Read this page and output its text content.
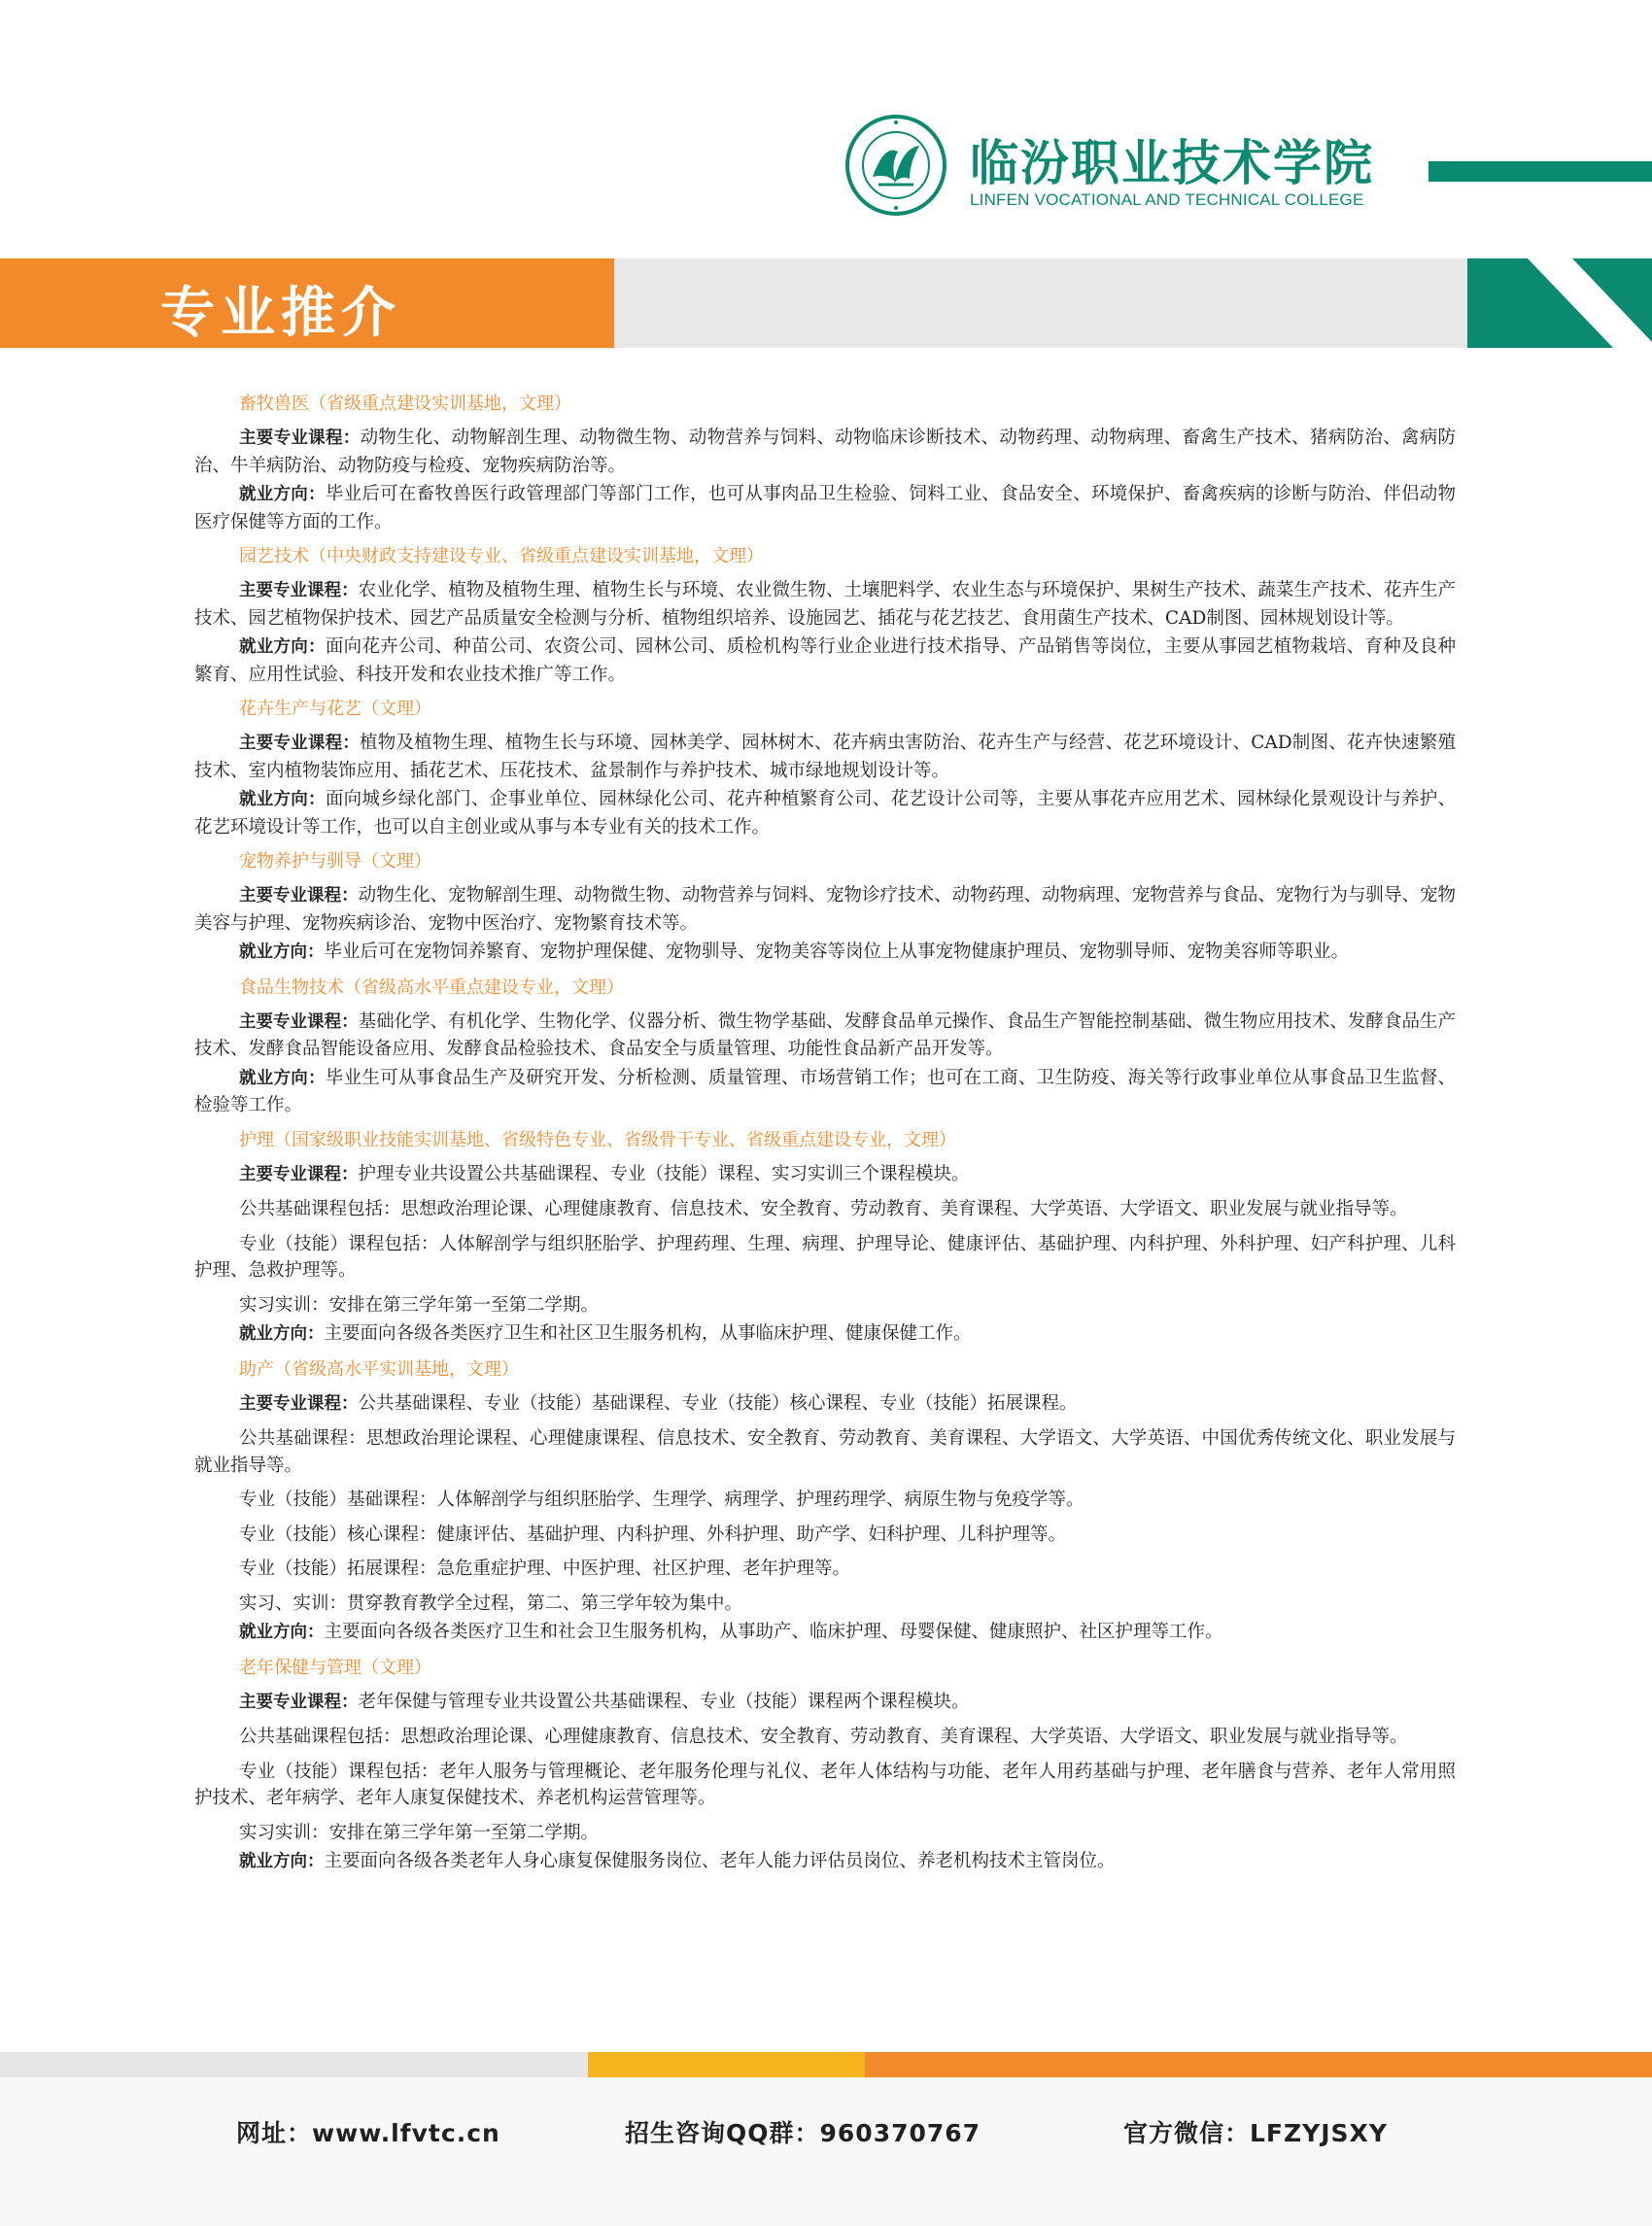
临汾职业技术学院
LINFEN VOCATIONAL AND TECHNICAL COLLEGE
专业推介
畜牧兽医（省级重点建设实训基地，文理）
主要专业课程：动物生化、动物解剖生理、动物微生物、动物营养与饲料、动物临床诊断技术、动物药理、动物病理、畜禽生产技术、猪病防治、禽病防治、牛羊病防治、动物防疫与检疫、宠物疾病防治等。
就业方向：毕业后可在畜牧兽医行政管理部门等部门工作，也可从事肉品卫生检验、饲料工业、食品安全、环境保护、畜禽疾病的诊断与防治、伴侣动物医疗保健等方面的工作。
园艺技术（中央财政支持建设专业、省级重点建设实训基地，文理）
主要专业课程：农业化学、植物及植物生理、植物生长与环境、农业微生物、土壤肥料学、农业生态与环境保护、果树生产技术、蔬菜生产技术、花卉生产技术、园艺植物保护技术、园艺产品质量安全检测与分析、植物组织培养、设施园艺、插花与花艺技艺、食用菌生产技术、CAD制图、园林规划设计等。
就业方向：面向花卉公司、种苗公司、农资公司、园林公司、质检机构等行业企业进行技术指导、产品销售等岗位，主要从事园艺植物栽培、育种及良种繁育、应用性试验、科技开发和农业技术推广等工作。
花卉生产与花艺（文理）
主要专业课程：植物及植物生理、植物生长与环境、园林美学、园林树木、花卉病虫害防治、花卉生产与经营、花艺环境设计、CAD制图、花卉快速繁殖技术、室内植物装饰应用、插花艺术、压花技术、盆景制作与养护技术、城市绿地规划设计等。
就业方向：面向城乡绿化部门、企事业单位、园林绿化公司、花卉种植繁育公司、花艺设计公司等，主要从事花卉应用艺术、园林绿化景观设计与养护、花艺环境设计等工作，也可以自主创业或从事与本专业有关的技术工作。
宠物养护与驯导（文理）
主要专业课程：动物生化、宠物解剖生理、动物微生物、动物营养与饲料、宠物诊疗技术、动物药理、动物病理、宠物营养与食品、宠物行为与驯导、宠物美容与护理、宠物疾病诊治、宠物中医治疗、宠物繁育技术等。
就业方向：毕业后可在宠物饲养繁育、宠物护理保健、宠物驯导、宠物美容等岗位上从事宠物健康护理员、宠物驯导师、宠物美容师等职业。
食品生物技术（省级高水平重点建设专业，文理）
主要专业课程：基础化学、有机化学、生物化学、仪器分析、微生物学基础、发酵食品单元操作、食品生产智能控制基础、微生物应用技术、发酵食品生产技术、发酵食品智能设备应用、发酵食品检验技术、食品安全与质量管理、功能性食品新产品开发等。
就业方向：毕业生可从事食品生产及研究开发、分析检测、质量管理、市场营销工作；也可在工商、卫生防疫、海关等行政事业单位从事食品卫生监督、检验等工作。
护理（国家级职业技能实训基地、省级特色专业、省级骨干专业、省级重点建设专业，文理）
主要专业课程：护理专业共设置公共基础课程、专业（技能）课程、实习实训三个课程模块。
公共基础课程包括：思想政治理论课、心理健康教育、信息技术、安全教育、劳动教育、美育课程、大学英语、大学语文、职业发展与就业指导等。
专业（技能）课程包括：人体解剖学与组织胚胎学、护理药理、生理、病理、护理导论、健康评估、基础护理、内科护理、外科护理、妇产科护理、儿科护理、急救护理等。
实习实训：安排在第三学年第一至第二学期。
就业方向：主要面向各级各类医疗卫生和社区卫生服务机构，从事临床护理、健康保健工作。
助产（省级高水平实训基地，文理）
主要专业课程：公共基础课程、专业（技能）基础课程、专业（技能）核心课程、专业（技能）拓展课程。
公共基础课程：思想政治理论课程、心理健康课程、信息技术、安全教育、劳动教育、美育课程、大学语文、大学英语、中国优秀传统文化、职业发展与就业指导等。
专业（技能）基础课程：人体解剖学与组织胚胎学、生理学、病理学、护理药理学、病原生物与免疫学等。
专业（技能）核心课程：健康评估、基础护理、内科护理、外科护理、助产学、妇科护理、儿科护理等。
专业（技能）拓展课程：急危重症护理、中医护理、社区护理、老年护理等。
实习、实训：贯穿教育教学全过程，第二、第三学年较为集中。
就业方向：主要面向各级各类医疗卫生和社会卫生服务机构，从事助产、临床护理、母婴保健、健康照护、社区护理等工作。
老年保健与管理（文理）
主要专业课程：老年保健与管理专业共设置公共基础课程、专业（技能）课程两个课程模块。
公共基础课程包括：思想政治理论课、心理健康教育、信息技术、安全教育、劳动教育、美育课程、大学英语、大学语文、职业发展与就业指导等。
专业（技能）课程包括：老年人服务与管理概论、老年服务伦理与礼仪、老年人体结构与功能、老年人用药基础与护理、老年膳食与营养、老年人常用照护技术、老年病学、老年人康复保健技术、养老机构运营管理等。
实习实训：安排在第三学年第一至第二学期。
就业方向：主要面向各级各类老年人身心康复保健服务岗位、老年人能力评估员岗位、养老机构技术主管岗位。
网址：www.lfvtc.cn	招生咨询QQ群：960370767	官方微信：LFZYJSXY
